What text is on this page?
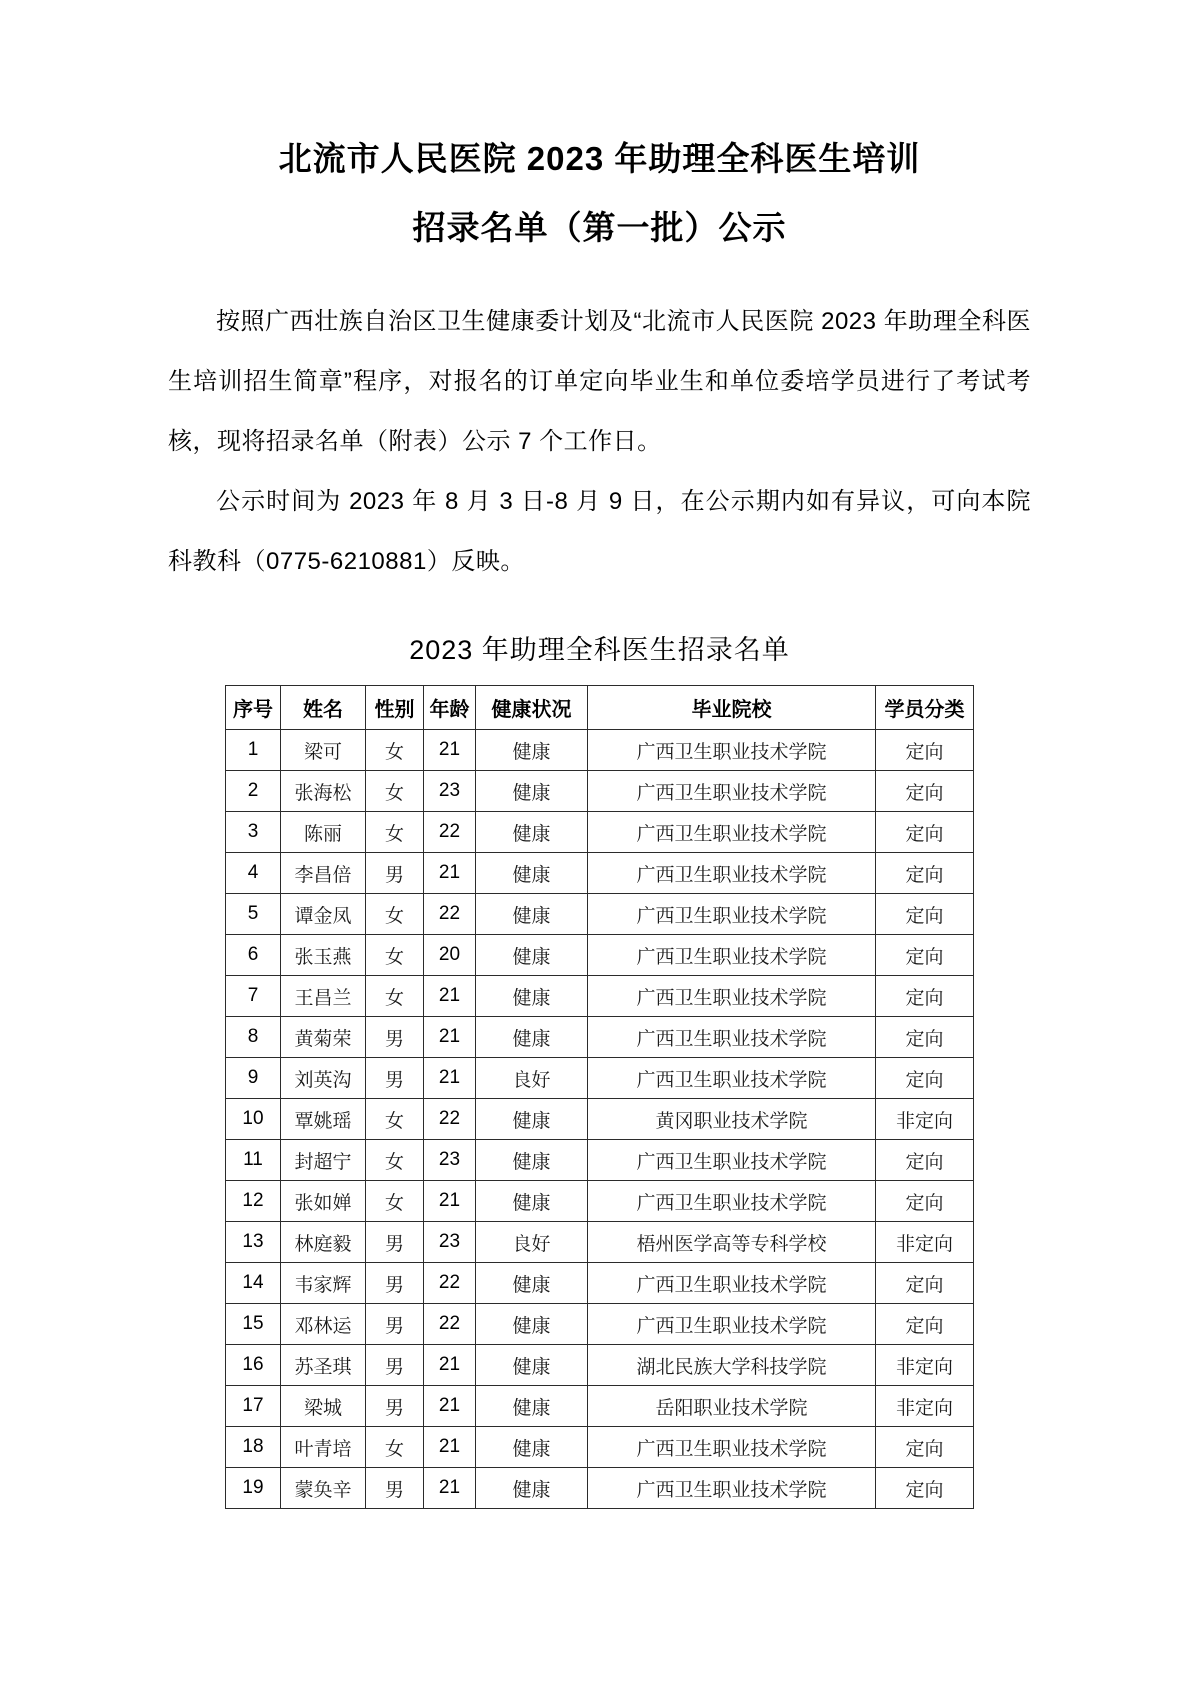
北流市人民医院 2023 年助理全科医生培训
招录名单（第一批）公示

按照广西壮族自治区卫生健康委计划及“北流市人民医院 2023 年助理全科医生培训招生简章”程序，对报名的订单定向毕业生和单位委培学员进行了考试考核，现将招录名单（附表）公示 7 个工作日。

公示时间为 2023 年 8 月 3 日-8 月 9 日，在公示期内如有异议，可向本院科教科（0775-6210881）反映。

2023 年助理全科医生招录名单
序号	姓名	性别	年龄	健康状况	毕业院校	学员分类
1	梁可	女	21	健康	广西卫生职业技术学院	定向
2	张海松	女	23	健康	广西卫生职业技术学院	定向
3	陈丽	女	22	健康	广西卫生职业技术学院	定向
4	李昌倍	男	21	健康	广西卫生职业技术学院	定向
5	谭金凤	女	22	健康	广西卫生职业技术学院	定向
6	张玉燕	女	20	健康	广西卫生职业技术学院	定向
7	王昌兰	女	21	健康	广西卫生职业技术学院	定向
8	黄菊荣	男	21	健康	广西卫生职业技术学院	定向
9	刘英沟	男	21	良好	广西卫生职业技术学院	定向
10	覃姚瑶	女	22	健康	黄冈职业技术学院	非定向
11	封超宁	女	23	健康	广西卫生职业技术学院	定向
12	张如婵	女	21	健康	广西卫生职业技术学院	定向
13	林庭毅	男	23	良好	梧州医学高等专科学校	非定向
14	韦家辉	男	22	健康	广西卫生职业技术学院	定向
15	邓林运	男	22	健康	广西卫生职业技术学院	定向
16	苏圣琪	男	21	健康	湖北民族大学科技学院	非定向
17	梁城	男	21	健康	岳阳职业技术学院	非定向
18	叶青培	女	21	健康	广西卫生职业技术学院	定向
19	蒙奂辛	男	21	健康	广西卫生职业技术学院	定向
